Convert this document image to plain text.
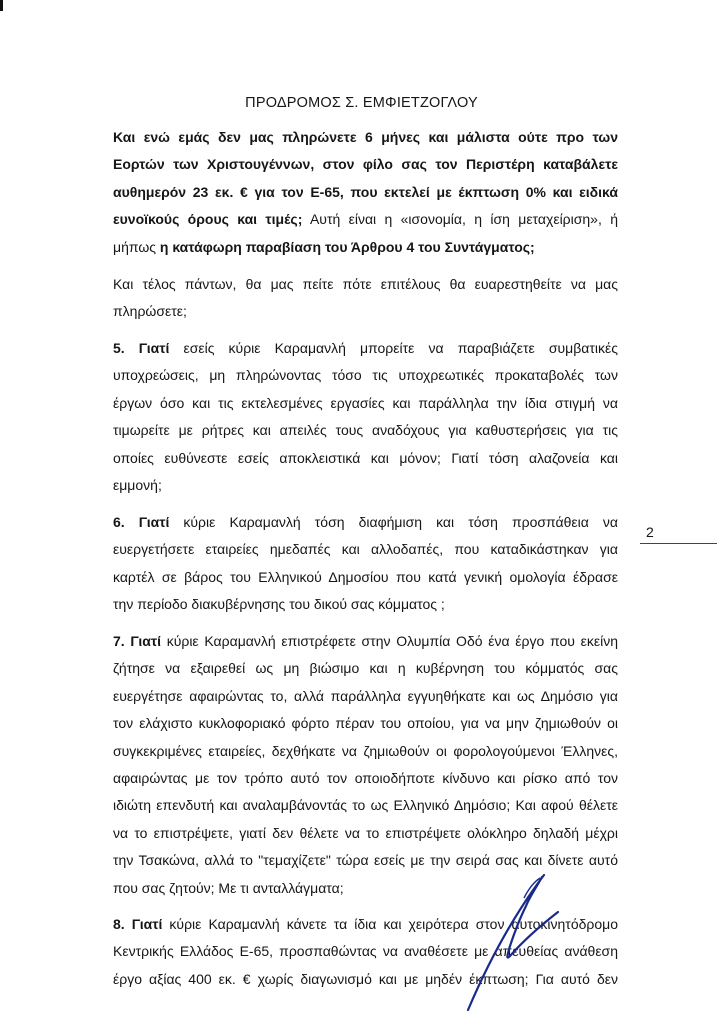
ΠΡΟΔΡΟΜΟΣ Σ. ΕΜΦΙΕΤΖΟΓΛΟΥ
Και ενώ εμάς δεν μας πληρώνετε 6 μήνες και μάλιστα ούτε προ των
Εορτών των Χριστουγέννων, στον φίλο σας τον Περιστέρη καταβάλετε
αυθημερόν 23 εκ. € για τον Ε-65, που εκτελεί με έκπτωση 0% και ειδικά
ευνοϊκούς όρους και τιμές; Αυτή είναι η «ισονομία, η ίση μεταχείριση», ή
μήπως η κατάφωρη παραβίαση του Άρθρου 4 του Συντάγματος;
Και τέλος πάντων, θα μας πείτε πότε επιτέλους θα ευαρεστηθείτε να μας
πληρώσετε;
5. Γιατί εσείς κύριε Καραμανλή μπορείτε να παραβιάζετε συμβατικές
υποχρεώσεις, μη πληρώνοντας τόσο τις υποχρεωτικές προκαταβολές των
έργων όσο και τις εκτελεσμένες εργασίες και παράλληλα την ίδια στιγμή να
τιμωρείτε με ρήτρες και απειλές τους αναδόχους για καθυστερήσεις για τις
οποίες ευθύνεστε εσείς αποκλειστικά και μόνον; Γιατί τόση αλαζονεία και
εμμονή;
6. Γιατί κύριε Καραμανλή τόση διαφήμιση και τόση προσπάθεια να
ευεργετήσετε εταιρείες ημεδαπές και αλλοδαπές, που καταδικάστηκαν για
καρτέλ σε βάρος του Ελληνικού Δημοσίου που κατά γενική ομολογία έδρασε
την περίοδο διακυβέρνησης του δικού σας κόμματος ;
7. Γιατί κύριε Καραμανλή επιστρέφετε στην Ολυμπία Οδό ένα έργο που εκείνη
ζήτησε να εξαιρεθεί ως μη βιώσιμο και η κυβέρνηση του κόμματός σας
ευεργέτησε αφαιρώντας το, αλλά παράλληλα εγγυηθήκατε και ως Δημόσιο για
τον ελάχιστο κυκλοφοριακό φόρτο πέραν του οποίου, για να μην ζημιωθούν οι
συγκεκριμένες εταιρείες, δεχθήκατε να ζημιωθούν οι φορολογούμενοι Έλληνες,
αφαιρώντας με τον τρόπο αυτό τον οποιοδήποτε κίνδυνο και ρίσκο από τον
ιδιώτη επενδυτή και αναλαμβάνοντάς το ως Ελληνικό Δημόσιο; Και αφού θέλετε
να το επιστρέψετε, γιατί δεν θέλετε να το επιστρέψετε ολόκληρο δηλαδή μέχρι
την Τσακώνα, αλλά το "τεμαχίζετε" τώρα εσείς με την σειρά σας και δίνετε αυτό
που σας ζητούν; Με τι ανταλλάγματα;
8. Γιατί κύριε Καραμανλή κάνετε τα ίδια και χειρότερα στον αυτοκινητόδρομο
Κεντρικής Ελλάδος Ε-65, προσπαθώντας να αναθέσετε με απευθείας ανάθεση
έργο αξίας 400 εκ. € χωρίς διαγωνισμό και με μηδέν έκπτωση; Για αυτό δεν
2
